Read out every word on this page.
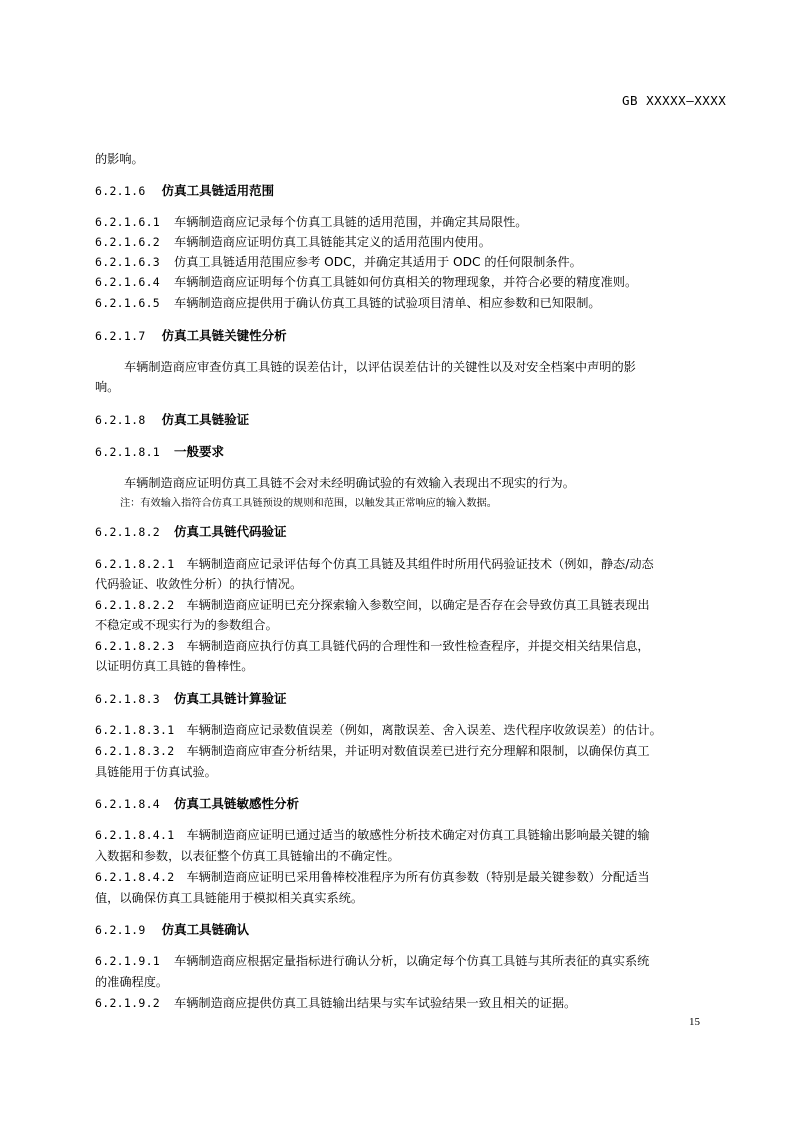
GB XXXXX—XXXX
的影响。
6.2.1.6 仿真工具链适用范围
6.2.1.6.1 车辆制造商应记录每个仿真工具链的适用范围，并确定其局限性。
6.2.1.6.2 车辆制造商应证明仿真工具链能其定义的适用范围内使用。
6.2.1.6.3 仿真工具链适用范围应参考 ODC，并确定其适用于 ODC 的任何限制条件。
6.2.1.6.4 车辆制造商应证明每个仿真工具链如何仿真相关的物理现象，并符合必要的精度准则。
6.2.1.6.5 车辆制造商应提供用于确认仿真工具链的试验项目清单、相应参数和已知限制。
6.2.1.7 仿真工具链关键性分析
车辆制造商应审查仿真工具链的误差估计，以评估误差估计的关键性以及对安全档案中声明的影
响。
6.2.1.8 仿真工具链验证
6.2.1.8.1 一般要求
车辆制造商应证明仿真工具链不会对未经明确试验的有效输入表现出不现实的行为。
注：有效输入指符合仿真工具链预设的规则和范围，以触发其正常响应的输入数据。
6.2.1.8.2 仿真工具链代码验证
6.2.1.8.2.1 车辆制造商应记录评估每个仿真工具链及其组件时所用代码验证技术（例如，静态/动态
代码验证、收敛性分析）的执行情况。
6.2.1.8.2.2 车辆制造商应证明已充分探索输入参数空间，以确定是否存在会导致仿真工具链表现出
不稳定或不现实行为的参数组合。
6.2.1.8.2.3 车辆制造商应执行仿真工具链代码的合理性和一致性检查程序，并提交相关结果信息，
以证明仿真工具链的鲁棒性。
6.2.1.8.3 仿真工具链计算验证
6.2.1.8.3.1 车辆制造商应记录数值误差（例如，离散误差、舍入误差、迭代程序收敛误差）的估计。
6.2.1.8.3.2 车辆制造商应审查分析结果，并证明对数值误差已进行充分理解和限制，以确保仿真工
具链能用于仿真试验。
6.2.1.8.4 仿真工具链敏感性分析
6.2.1.8.4.1 车辆制造商应证明已通过适当的敏感性分析技术确定对仿真工具链输出影响最关键的输
入数据和参数，以表征整个仿真工具链输出的不确定性。
6.2.1.8.4.2 车辆制造商应证明已采用鲁棒校准程序为所有仿真参数（特别是最关键参数）分配适当
值，以确保仿真工具链能用于模拟相关真实系统。
6.2.1.9 仿真工具链确认
6.2.1.9.1 车辆制造商应根据定量指标进行确认分析，以确定每个仿真工具链与其所表征的真实系统
的准确程度。
6.2.1.9.2 车辆制造商应提供仿真工具链输出结果与实车试验结果一致且相关的证据。
15
